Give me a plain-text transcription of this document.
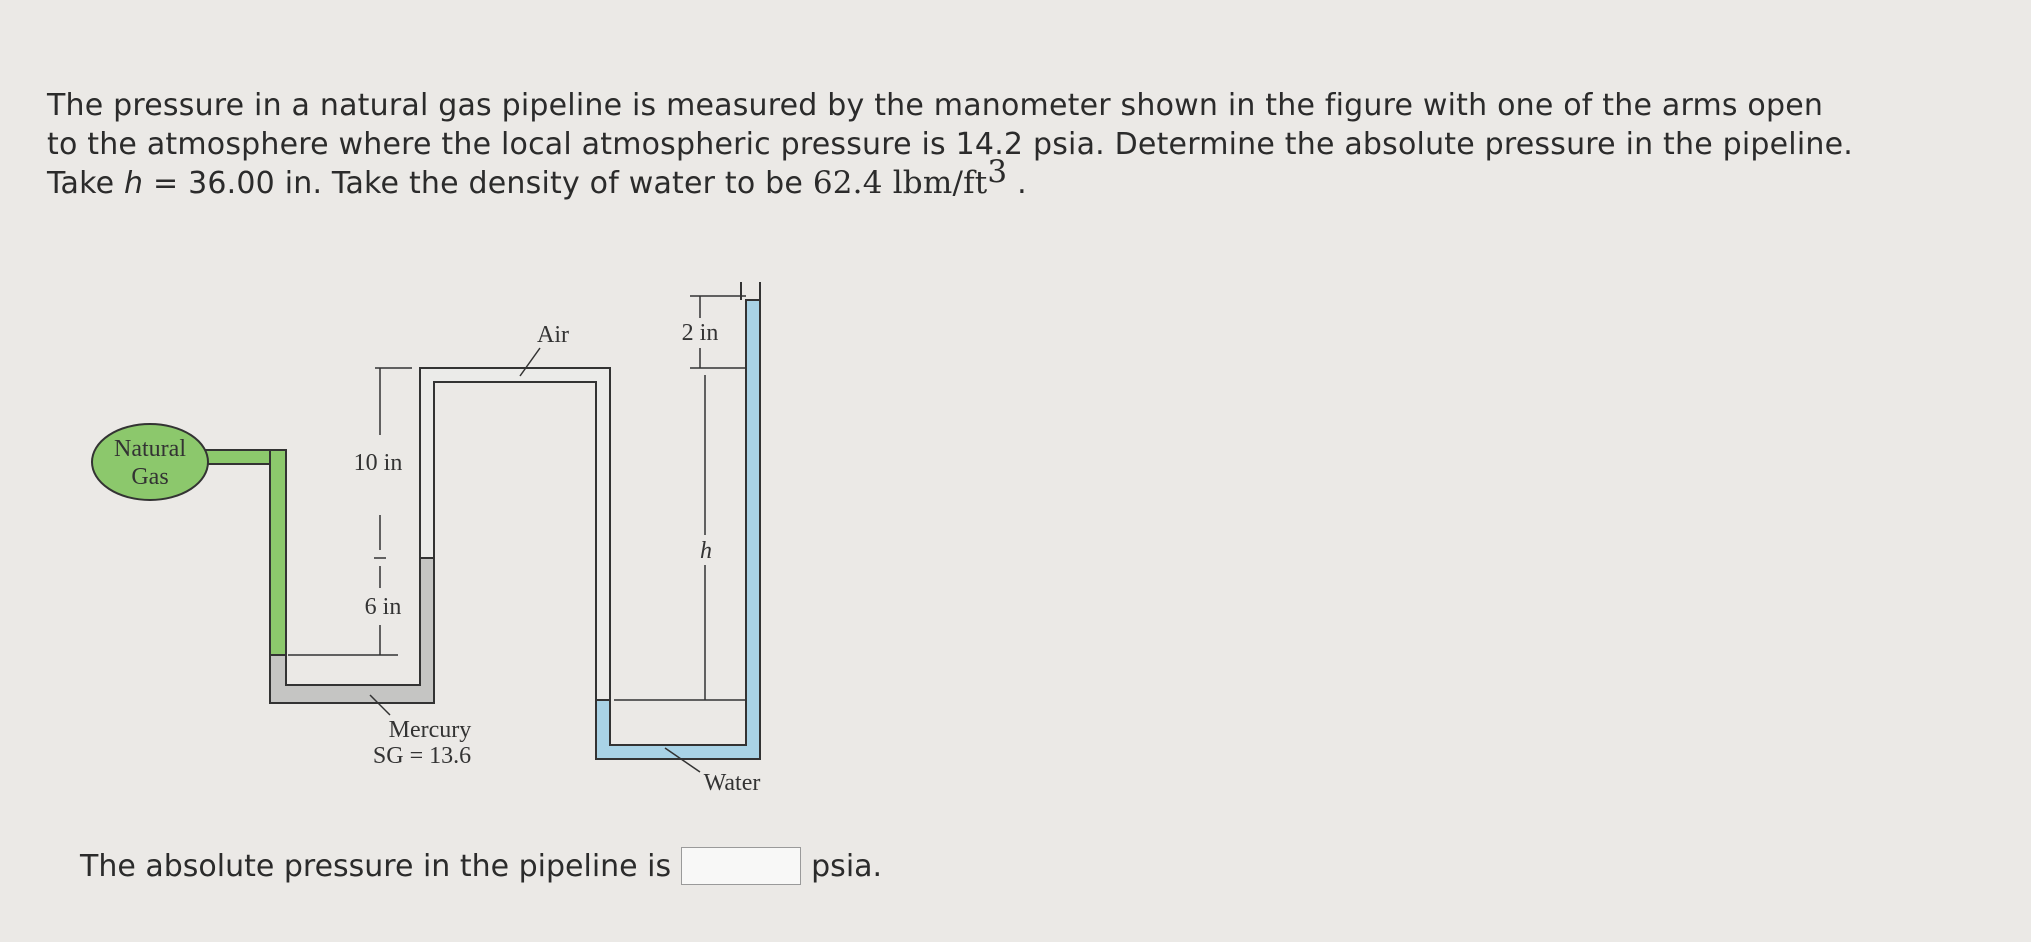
The pressure in a natural gas pipeline is measured by the manometer shown in the figure with one of the arms open

to the atmosphere where the local atmospheric pressure is 14.2 psia. Determine the absolute pressure in the pipeline.

Take h = 36.00 in. Take the density of water to be 62.4 lbm/$ft^3$ .

Natural
Gas
10 in
6 in
Air	2 in
h
Mercury
SG = 13.6
Water
The absolute pressure in the pipeline is	psia.
